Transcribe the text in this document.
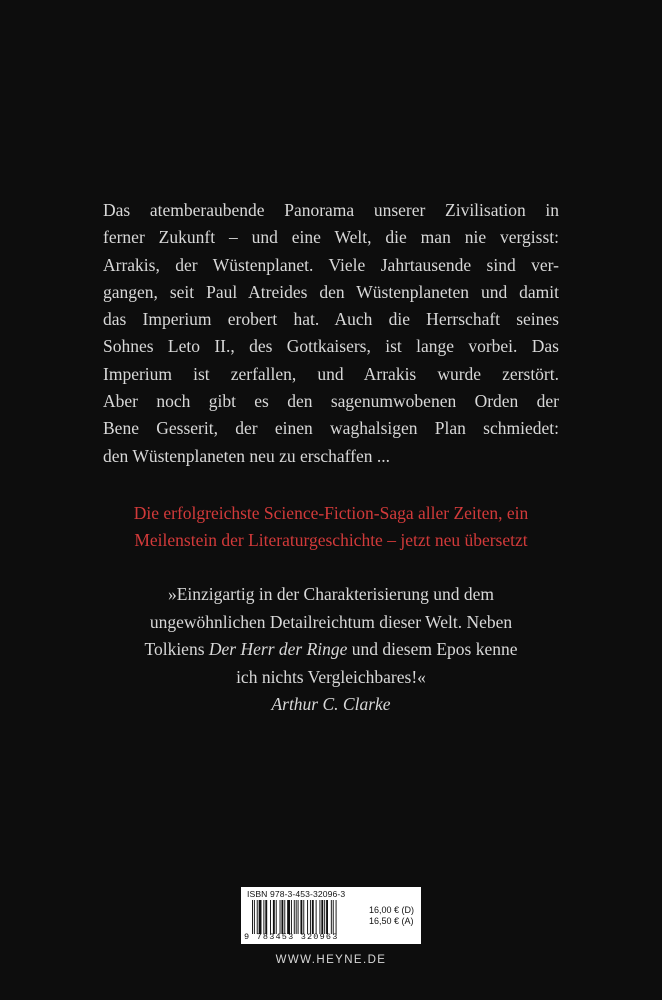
Das atemberaubende Panorama unserer Zivilisation in
ferner Zukunft – und eine Welt, die man nie vergisst:
Arrakis, der Wüstenplanet. Viele Jahrtausende sind ver-
gangen, seit Paul Atreides den Wüstenplaneten und damit
das Imperium erobert hat. Auch die Herrschaft seines
Sohnes Leto II., des Gottkaisers, ist lange vorbei. Das
Imperium ist zerfallen, und Arrakis wurde zerstört.
Aber noch gibt es den sagenumwobenen Orden der
Bene Gesserit, der einen waghalsigen Plan schmiedet:
den Wüstenplaneten neu zu erschaffen ...
Die erfolgreichste Science-Fiction-Saga aller Zeiten, ein
Meilenstein der Literaturgeschichte – jetzt neu übersetzt
»Einzigartig in der Charakterisierung und dem
ungewöhnlichen Detailreichtum dieser Welt. Neben
Tolkiens Der Herr der Ringe und diesem Epos kenne
ich nichts Vergleichbares!«
Arthur C. Clarke
ISBN 978-3-453-32096-3
9 783453 320963
16,00 € (D)
16,50 € (A)
WWW.HEYNE.DE
